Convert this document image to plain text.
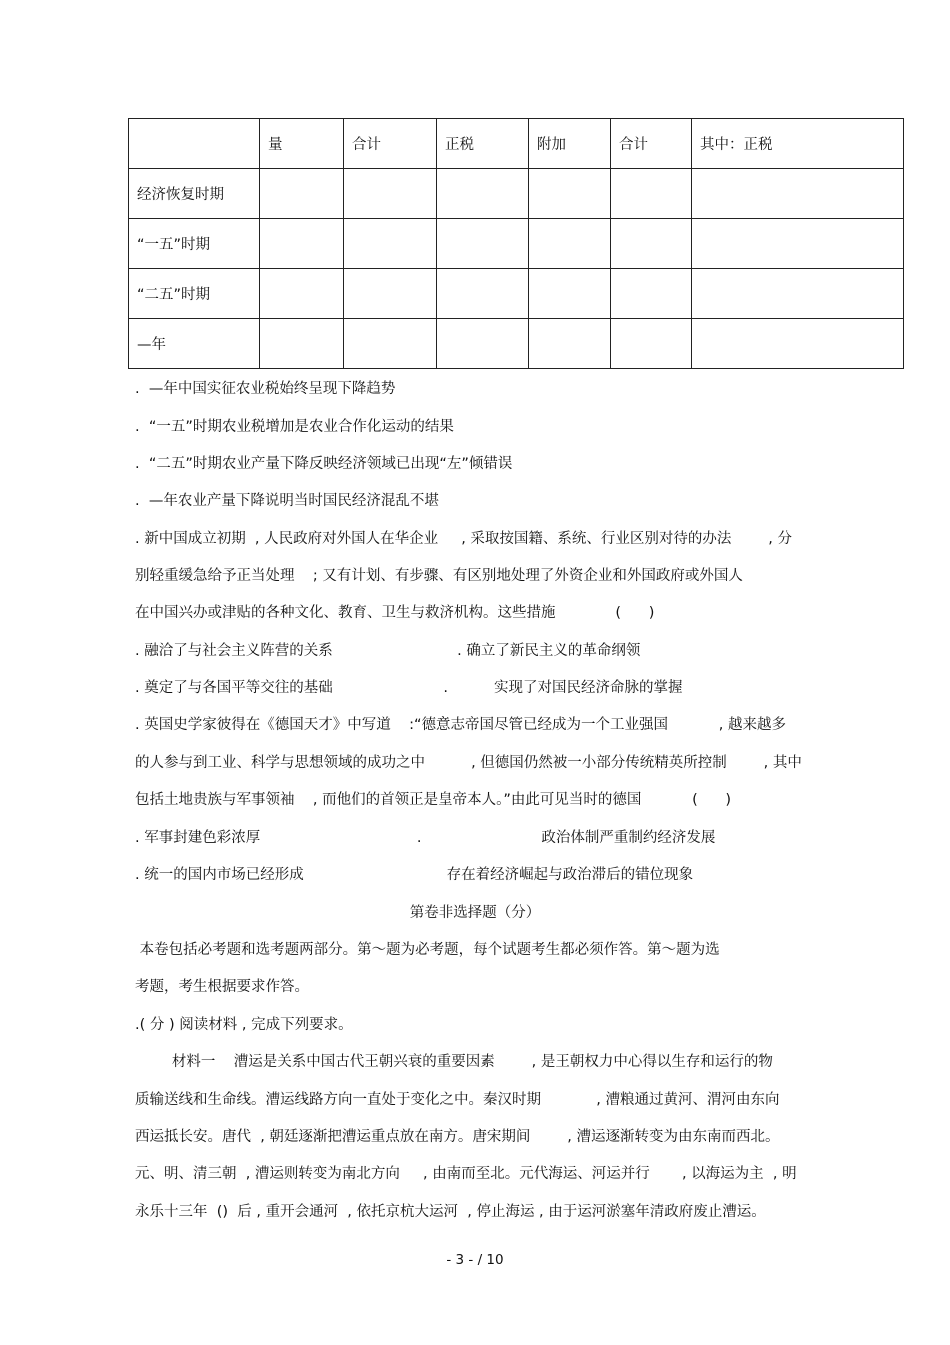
	量	合计	正税	附加	合计	其中：正税
经济恢复时期						
“一五”时期						
“二五”时期						
—年						
.  —年中国实征农业税始终呈现下降趋势
.  “一五”时期农业税增加是农业合作化运动的结果
.  “二五”时期农业产量下降反映经济领域已出现“左”倾错误
.  —年农业产量下降说明当时国民经济混乱不堪
. 新中国成立初期  , 人民政府对外国人在华企业     , 采取按国籍、系统、行业区别对待的办法        , 分
别轻重缓急给予正当处理    ; 又有计划、有步骤、有区别地处理了外资企业和外国政府或外国人
在中国兴办或津贴的各种文化、教育、卫生与救济机构。这些措施             (      )
. 融洽了与社会主义阵营的关系                           . 确立了新民主义的革命纲领
. 奠定了与各国平等交往的基础                        .          实现了对国民经济命脉的掌握
. 英国史学家彼得在《德国天才》中写道    :“德意志帝国尽管已经成为一个工业强国           , 越来越多
的人参与到工业、科学与思想领域的成功之中          , 但德国仍然被一小部分传统精英所控制        , 其中
包括土地贵族与军事领袖    , 而他们的首领正是皇帝本人。”由此可见当时的德国           (      )
. 军事封建色彩浓厚                                  .                          政治体制严重制约经济发展
. 统一的国内市场已经形成                               存在着经济崛起与政治滞后的错位现象
第卷非选择题（分）
本卷包括必考题和选考题两部分。第～题为必考题，每个试题考生都必须作答。第～题为选
考题，考生根据要求作答。
.( 分 ) 阅读材料 , 完成下列要求。
材料一    漕运是关系中国古代王朝兴衰的重要因素        , 是王朝权力中心得以生存和运行的物
质输送线和生命线。漕运线路方向一直处于变化之中。秦汉时期            , 漕粮通过黄河、渭河由东向
西运抵长安。唐代  , 朝廷逐渐把漕运重点放在南方。唐宋期间        , 漕运逐渐转变为由东南而西北。
元、明、清三朝  , 漕运则转变为南北方向     , 由南而至北。元代海运、河运并行       , 以海运为主  , 明
永乐十三年  ()  后 , 重开会通河  , 依托京杭大运河  , 停止海运 , 由于运河淤塞年清政府废止漕运。
- 3 - / 10
